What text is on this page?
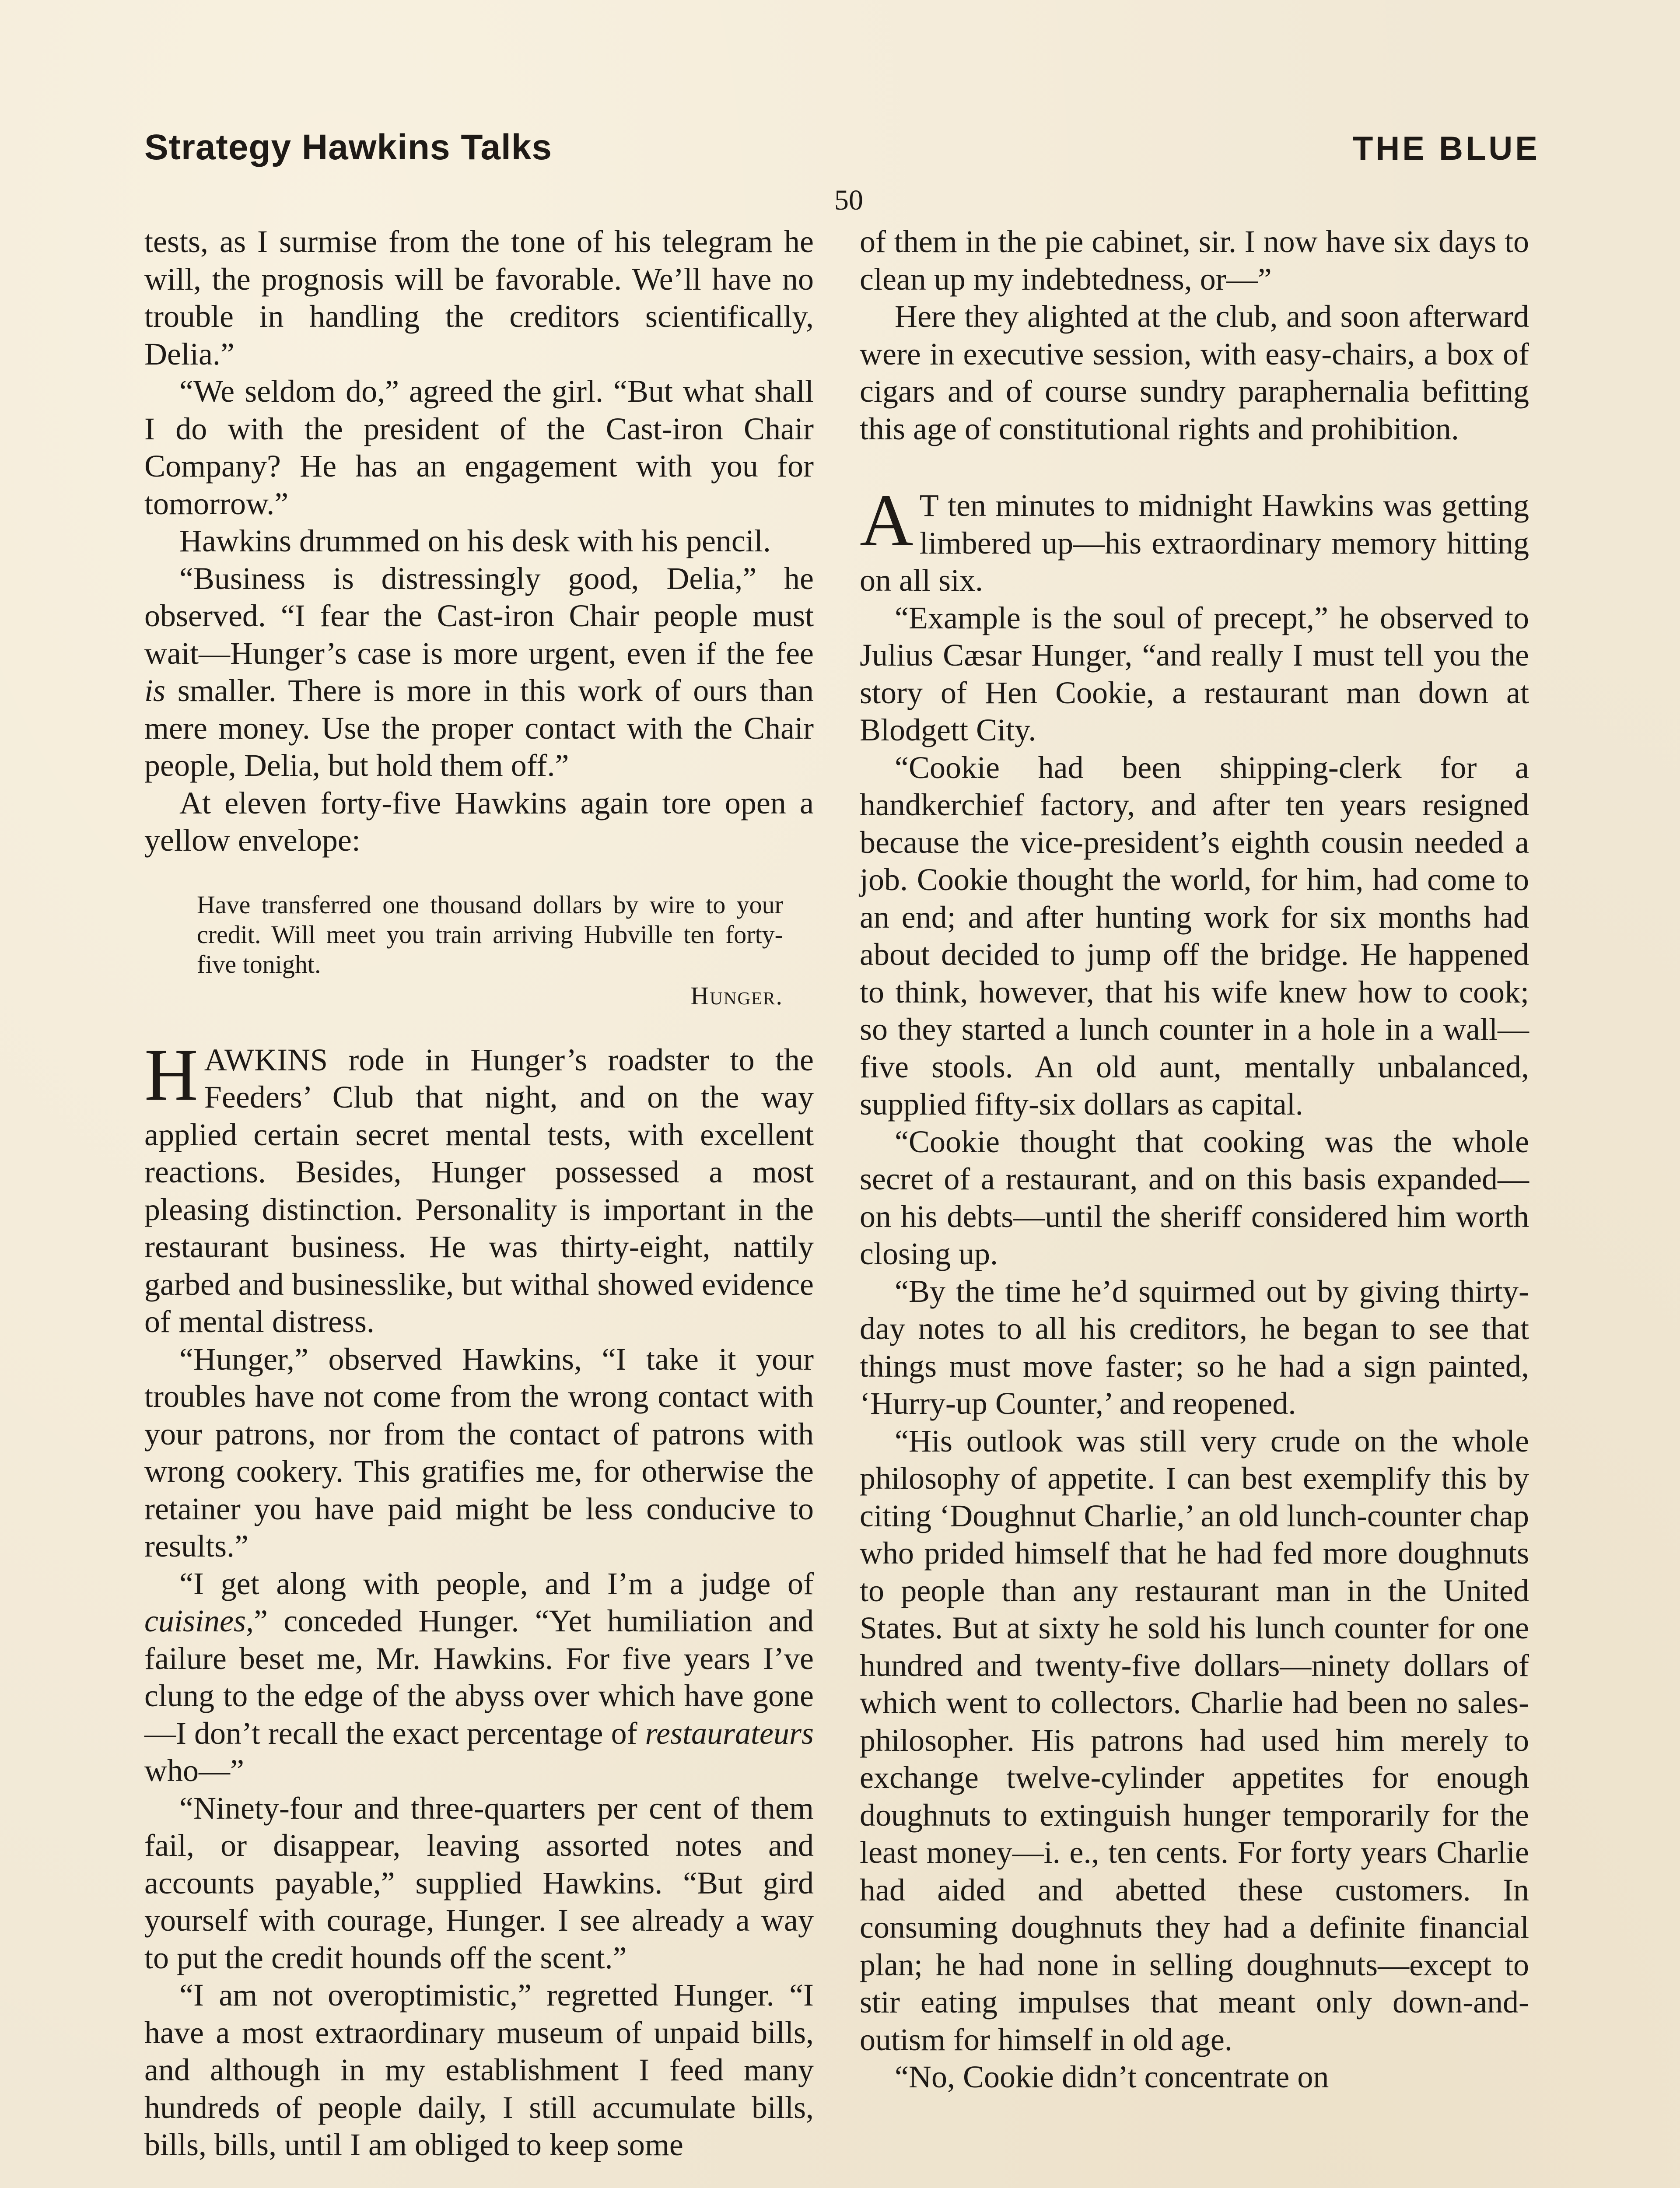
Strategy Hawkins Talks	THE BLUE
50

tests, as I surmise from the tone of his telegram he will, the prognosis will be favorable. We’ll have no trouble in handling the creditors scientifically, Delia.”

“We seldom do,” agreed the girl. “But what shall I do with the president of the Cast-iron Chair Company? He has an engagement with you for tomorrow.”

Hawkins drummed on his desk with his pencil.

“Business is distressingly good, Delia,” he observed. “I fear the Cast-iron Chair people must wait—Hunger’s case is more urgent, even if the fee is smaller. There is more in this work of ours than mere money. Use the proper contact with the Chair people, Delia, but hold them off.”

At eleven forty-five Hawkins again tore open a yellow envelope:

Have transferred one thousand dollars by wire to your credit. Will meet you train arriving Hubville ten forty-five tonight.
Hunger.

HAWKINS rode in Hunger’s roadster to the Feeders’ Club that night, and on the way applied certain secret mental tests, with excellent reactions. Besides, Hunger possessed a most pleasing distinction. Personality is important in the restaurant business. He was thirty-eight, nattily garbed and businesslike, but withal showed evidence of mental distress.

“Hunger,” observed Hawkins, “I take it your troubles have not come from the wrong contact with your patrons, nor from the contact of patrons with wrong cookery. This gratifies me, for otherwise the retainer you have paid might be less conducive to results.”

“I get along with people, and I’m a judge of cuisines,” conceded Hunger. “Yet humiliation and failure beset me, Mr. Hawkins. For five years I’ve clung to the edge of the abyss over which have gone—I don’t recall the exact percentage of restaurateurs who—”

“Ninety-four and three-quarters per cent of them fail, or disappear, leaving assorted notes and accounts payable,” supplied Hawkins. “But gird yourself with courage, Hunger. I see already a way to put the credit hounds off the scent.”

“I am not overoptimistic,” regretted Hunger. “I have a most extraordinary museum of unpaid bills, and although in my establishment I feed many hundreds of people daily, I still accumulate bills, bills, bills, until I am obliged to keep some

of them in the pie cabinet, sir. I now have six days to clean up my indebtedness, or—”

Here they alighted at the club, and soon afterward were in executive session, with easy-chairs, a box of cigars and of course sundry paraphernalia befitting this age of constitutional rights and prohibition.

A T ten minutes to midnight Hawkins was getting limbered up—his extraordinary memory hitting on all six.

“Example is the soul of precept,” he observed to Julius Cæsar Hunger, “and really I must tell you the story of Hen Cookie, a restaurant man down at Blodgett City.

“Cookie had been shipping-clerk for a handkerchief factory, and after ten years resigned because the vice-president’s eighth cousin needed a job. Cookie thought the world, for him, had come to an end; and after hunting work for six months had about decided to jump off the bridge. He happened to think, however, that his wife knew how to cook; so they started a lunch counter in a hole in a wall—five stools. An old aunt, mentally unbalanced, supplied fifty-six dollars as capital.

“Cookie thought that cooking was the whole secret of a restaurant, and on this basis expanded—on his debts—until the sheriff considered him worth closing up.

“By the time he’d squirmed out by giving thirty-day notes to all his creditors, he began to see that things must move faster; so he had a sign painted, ‘Hurry-up Counter,’ and reopened.

“His outlook was still very crude on the whole philosophy of appetite. I can best exemplify this by citing ‘Doughnut Charlie,’ an old lunch-counter chap who prided himself that he had fed more doughnuts to people than any restaurant man in the United States. But at sixty he sold his lunch counter for one hundred and twenty-five dollars—ninety dollars of which went to collectors. Charlie had been no sales-philosopher. His patrons had used him merely to exchange twelve-cylinder appetites for enough doughnuts to extinguish hunger temporarily for the least money—i. e., ten cents. For forty years Charlie had aided and abetted these customers. In consuming doughnuts they had a definite financial plan; he had none in selling doughnuts—except to stir eating impulses that meant only down-and-outism for himself in old age.

“No, Cookie didn’t concentrate on
